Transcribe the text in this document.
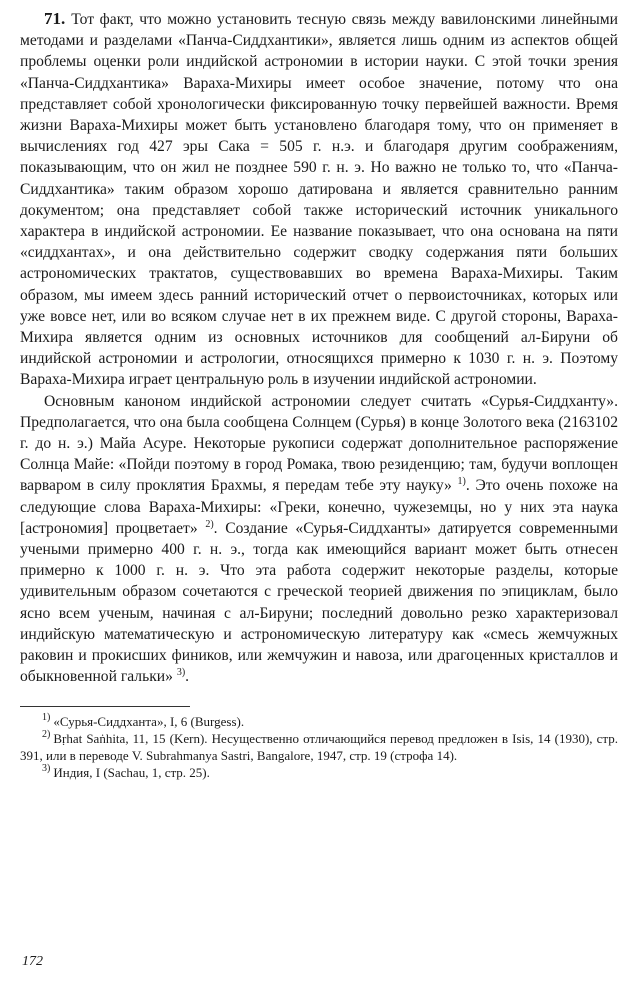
71. Тот факт, что можно установить тесную связь между вавилонскими линейными методами и разделами «Панча-Сиддхантики», является лишь одним из аспектов общей проблемы оценки роли индийской астрономии в истории науки. С этой точки зрения «Панча-Сиддхантика» Вараха-Михиры имеет особое значение, потому что она представляет собой хронологически фиксированную точку первейшей важности. Время жизни Вараха-Михиры может быть установлено благодаря тому, что он применяет в вычислениях год 427 эры Сака = 505 г. н.э. и благодаря другим соображениям, показывающим, что он жил не позднее 590 г. н. э. Но важно не только то, что «Панча-Сиддхантика» таким образом хорошо датирована и является сравнительно ранним документом; она представляет собой также исторический источник уникального характера в индийской астрономии. Ее название показывает, что она основана на пяти «сиддхантах», и она действительно содержит сводку содержания пяти больших астрономических трактатов, существовавших во времена Вараха-Михиры. Таким образом, мы имеем здесь ранний исторический отчет о первоисточниках, которых или уже вовсе нет, или во всяком случае нет в их прежнем виде. С другой стороны, Вараха-Михира является одним из основных источников для сообщений ал-Бируни об индийской астрономии и астрологии, относящихся примерно к 1030 г. н. э. Поэтому Вараха-Михира играет центральную роль в изучении индийской астрономии.

Основным каноном индийской астрономии следует считать «Сурья-Сиддханту». Предполагается, что она была сообщена Солнцем (Сурья) в конце Золотого века (2163102 г. до н. э.) Майа Асуре. Некоторые рукописи содержат дополнительное распоряжение Солнца Майе: «Пойди поэтому в город Ромака, твою резиденцию; там, будучи воплощен варваром в силу проклятия Брахмы, я передам тебе эту науку» $^{1)}$. Это очень похоже на следующие слова Вараха-Михиры: «Греки, конечно, чужеземцы, но у них эта наука [астрономия] процветает» $^{2)}$. Создание «Сурья-Сиддханты» датируется современными учеными примерно 400 г. н. э., тогда как имеющийся вариант может быть отнесен примерно к 1000 г. н. э. Что эта работа содержит некоторые разделы, которые удивительным образом сочетаются с греческой теорией движения по эпициклам, было ясно всем ученым, начиная с ал-Бируни; последний довольно резко характеризовал индийскую математическую и астрономическую литературу как «смесь жемчужных раковин и прокисших фиников, или жемчужин и навоза, или драгоценных кристаллов и обыкновенной гальки» $^{3)}$.

$^{1)}$ «Сурья-Сиддханта», I, 6 (Burgess).

$^{2)}$ Bṛhat Saṅhita, 11, 15 (Kern). Несущественно отличающийся перевод предложен в Isis, 14 (1930), стр. 391, или в переводе V. Subrahmanya Sastri, Bangalore, 1947, стр. 19 (строфа 14).

$^{3)}$ Индия, I (Sachau, 1, стр. 25).

172
